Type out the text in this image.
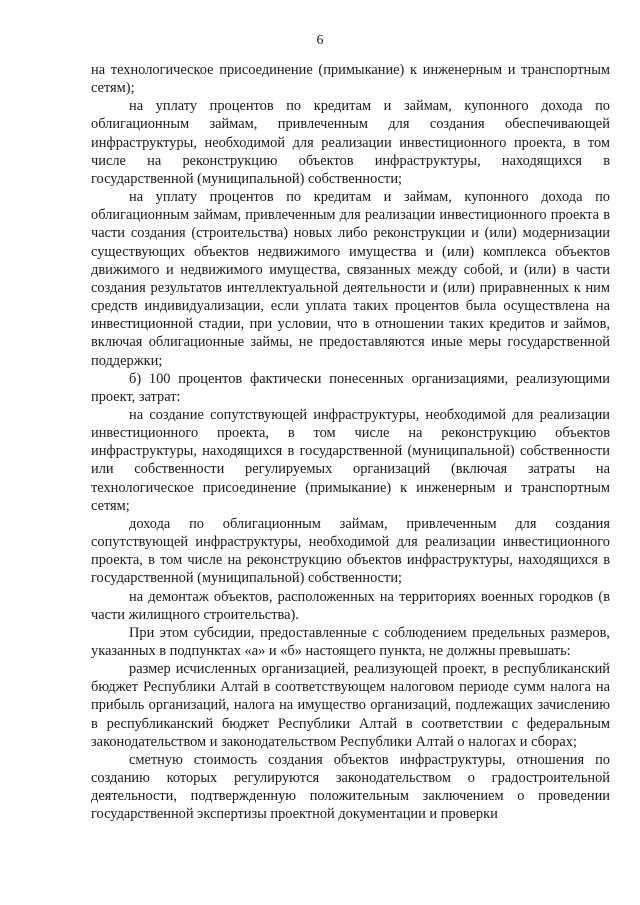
6

на технологическое присоединение (примыкание) к инженерным и транспортным сетям);

на уплату процентов по кредитам и займам, купонного дохода по облигационным займам, привлеченным для создания обеспечивающей инфраструктуры, необходимой для реализации инвестиционного проекта, в том числе на реконструкцию объектов инфраструктуры, находящихся в государственной (муниципальной) собственности;

на уплату процентов по кредитам и займам, купонного дохода по облигационным займам, привлеченным для реализации инвестиционного проекта в части создания (строительства) новых либо реконструкции и (или) модернизации существующих объектов недвижимого имущества и (или) комплекса объектов движимого и недвижимого имущества, связанных между собой, и (или) в части создания результатов интеллектуальной деятельности и (или) приравненных к ним средств индивидуализации, если уплата таких процентов была осуществлена на инвестиционной стадии, при условии, что в отношении таких кредитов и займов, включая облигационные займы, не предоставляются иные меры государственной поддержки;

б) 100 процентов фактически понесенных организациями, реализующими проект, затрат:

на создание сопутствующей инфраструктуры, необходимой для реализации инвестиционного проекта, в том числе на реконструкцию объектов инфраструктуры, находящихся в государственной (муниципальной) собственности или собственности регулируемых организаций (включая затраты на технологическое присоединение (примыкание) к инженерным и транспортным сетям;

дохода по облигационным займам, привлеченным для создания сопутствующей инфраструктуры, необходимой для реализации инвестиционного проекта, в том числе на реконструкцию объектов инфраструктуры, находящихся в государственной (муниципальной) собственности;

на демонтаж объектов, расположенных на территориях военных городков (в части жилищного строительства).

При этом субсидии, предоставленные с соблюдением предельных размеров, указанных в подпунктах «а» и «б» настоящего пункта, не должны превышать:

размер исчисленных организацией, реализующей проект, в республиканский бюджет Республики Алтай в соответствующем налоговом периоде сумм налога на прибыль организаций, налога на имущество организаций, подлежащих зачислению в республиканский бюджет Республики Алтай в соответствии с федеральным законодательством и законодательством Республики Алтай о налогах и сборах;

сметную стоимость создания объектов инфраструктуры, отношения по созданию которых регулируются законодательством о градостроительной деятельности, подтвержденную положительным заключением о проведении государственной экспертизы проектной документации и проверки
